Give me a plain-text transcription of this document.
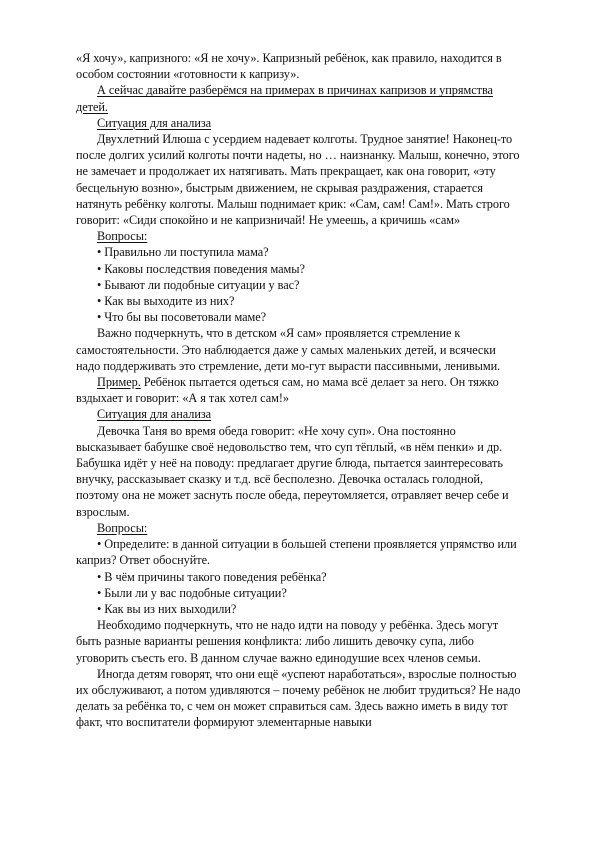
«Я хочу», капризного: «Я не хочу». Капризный ребёнок, как правило, находится в особом состоянии «готовности к капризу».

А сейчас давайте разберёмся на примерах в причинах капризов и упрямства детей.

Ситуация для анализа

Двухлетний Илюша с усердием надевает колготы. Трудное занятие! Наконец-то после долгих усилий колготы почти надеты, но … наизнанку. Малыш, конечно, этого не замечает и продолжает их натягивать. Мать прекращает, как она говорит, «эту бесцельную возню», быстрым движением, не скрывая раздражения, старается натянуть ребёнку колготы. Малыш поднимает крик: «Сам, сам! Сам!». Мать строго говорит: «Сиди спокойно и не капризничай! Не умеешь, а кричишь «сам»

Вопросы:

• Правильно ли поступила мама?

• Каковы последствия поведения мамы?

• Бывают ли подобные ситуации у вас?

• Как вы выходите из них?

• Что бы вы посоветовали маме?

Важно подчеркнуть, что в детском «Я сам» проявляется стремление к самостоятельности. Это наблюдается даже у самых маленьких детей, и всячески надо поддерживать это стремление, дети мо-гут вырасти пассивными, ленивыми.

Пример. Ребёнок пытается одеться сам, но мама всё делает за него. Он тяжко вздыхает и говорит: «А я так хотел сам!»

Ситуация для анализа

Девочка Таня во время обеда говорит: «Не хочу суп». Она постоянно высказывает бабушке своё недовольство тем, что суп тёплый, «в нём пенки» и др. Бабушка идёт у неё на поводу: предлагает другие блюда, пытается заинтересовать внучку, рассказывает сказку и т.д. всё бесполезно. Девочка осталась голодной, поэтому она не может заснуть после обеда, переутомляется, отравляет вечер себе и взрослым.

Вопросы:

• Определите: в данной ситуации в большей степени проявляется упрямство или каприз? Ответ обоснуйте.

• В чём причины такого поведения ребёнка?

• Были ли у вас подобные ситуации?

• Как вы из них выходили?

Необходимо подчеркнуть, что не надо идти на поводу у ребёнка. Здесь могут быть разные варианты решения конфликта: либо лишить девочку супа, либо уговорить съесть его. В данном случае важно единодушие всех членов семьи.

Иногда детям говорят, что они ещё «успеют наработаться», взрослые полностью их обслуживают, а потом удивляются – почему ребёнок не любит трудиться? Не надо делать за ребёнка то, с чем он может справиться сам. Здесь важно иметь в виду тот факт, что воспитатели формируют элементарные навыки
